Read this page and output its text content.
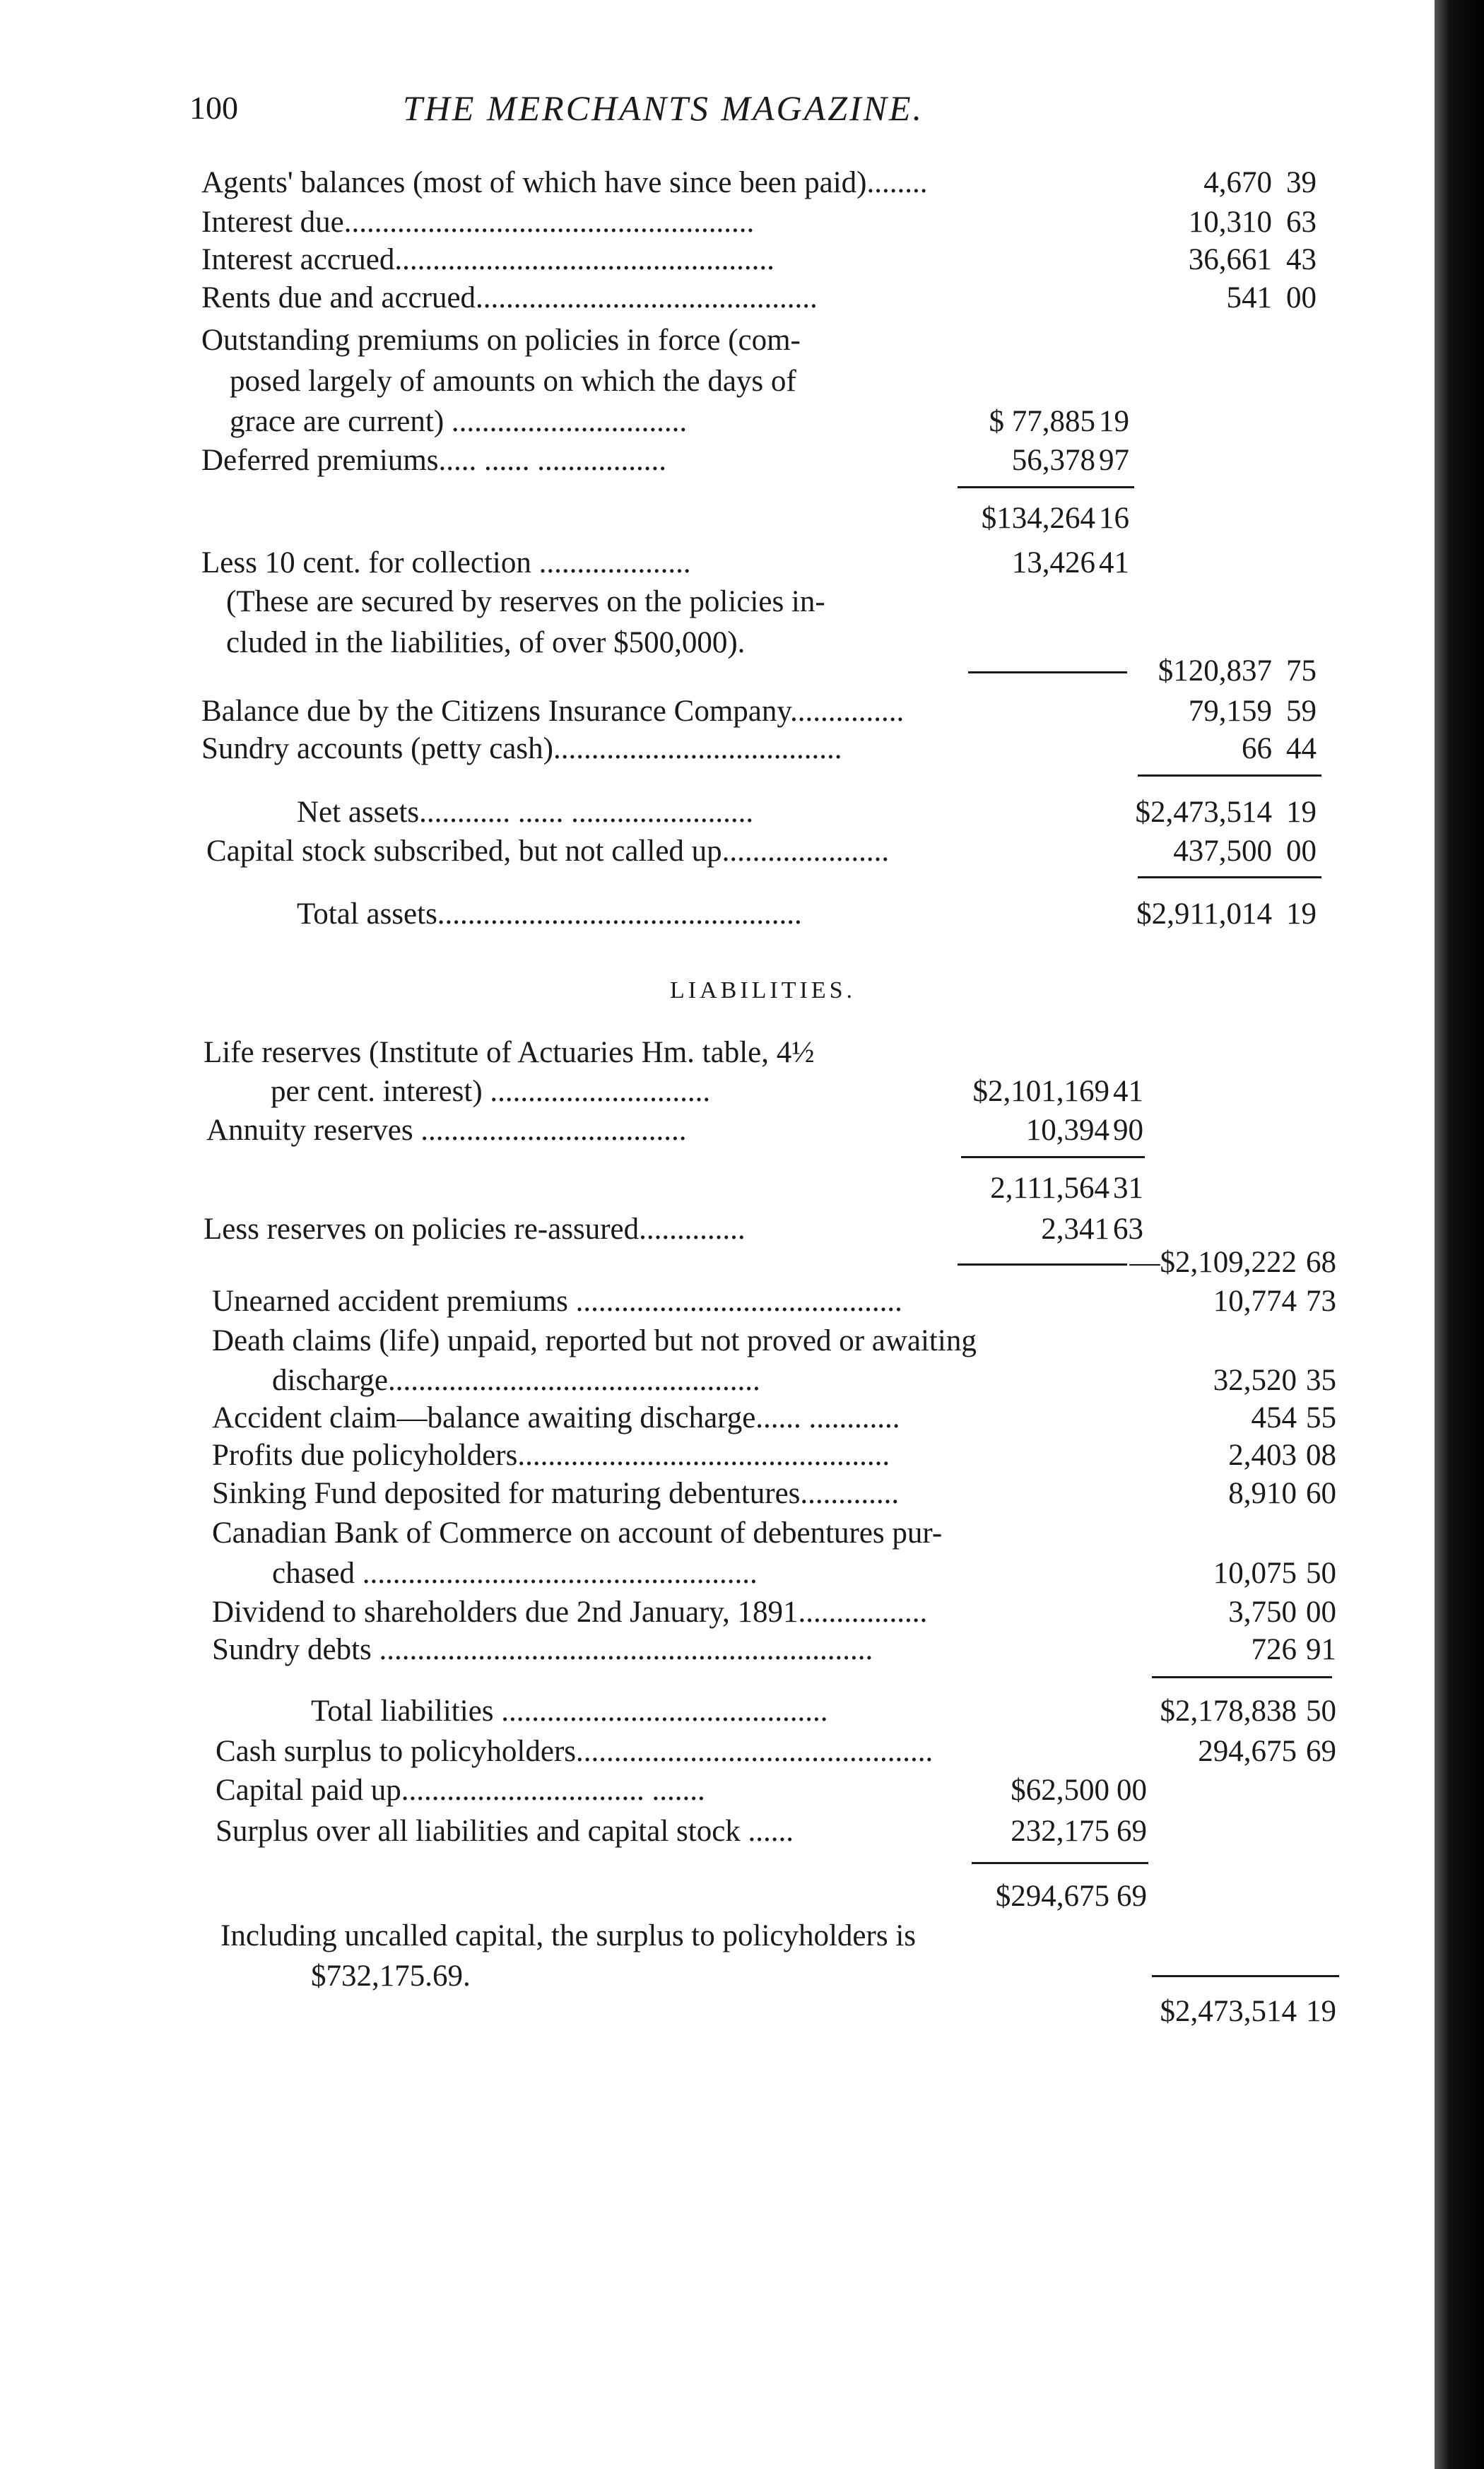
100	THE MERCHANTS MAGAZINE.
Agents' balances (most of which have since been paid)........	4,670 39
Interest due......................................................	10,310 63
Interest accrued..................................................	36,661 43
Rents due and accrued.............................................	541 00
Outstanding premiums on policies in force (com-
posed largely of amounts on which the days of
grace are current) ...............................	$ 77,885 19
Deferred premiums..... ...... .................	56,378 97
$134,264 16
Less 10 cent. for collection ....................	13,426 41
(These are secured by reserves on the policies in-
cluded in the liabilities, of over $500,000).
$120,837 75
Balance due by the Citizens Insurance Company...............	79,159 59
Sundry accounts (petty cash)......................................	66 44
Net assets............ ...... ........................	$2,473,514 19
Capital stock subscribed, but not called up......................	437,500 00
Total assets................................................	$2,911,014 19
LIABILITIES.
Life reserves (Institute of Actuaries Hm. table, 4½
per cent. interest) .............................	$2,101,169 41
Annuity reserves ...................................	10,394 90
2,111,564 31
Less reserves on policies re-assured..............	2,341 63
—$2,109,222 68
Unearned accident premiums ...........................................	10,774 73
Death claims (life) unpaid, reported but not proved or awaiting
discharge.................................................	32,520 35
Accident claim—balance awaiting discharge...... ............	454 55
Profits due policyholders.................................................	2,403 08
Sinking Fund deposited for maturing debentures.............	8,910 60
Canadian Bank of Commerce on account of debentures pur-
chased ....................................................	10,075 50
Dividend to shareholders due 2nd January, 1891.................	3,750 00
Sundry debts .................................................................	726 91
Total liabilities ...........................................	$2,178,838 50
Cash surplus to policyholders...............................................	294,675 69
Capital paid up................................ .......	$62,500 00
Surplus over all liabilities and capital stock ......	232,175 69
$294,675 69
Including uncalled capital, the surplus to policyholders is
$732,175.69.
$2,473,514 19
